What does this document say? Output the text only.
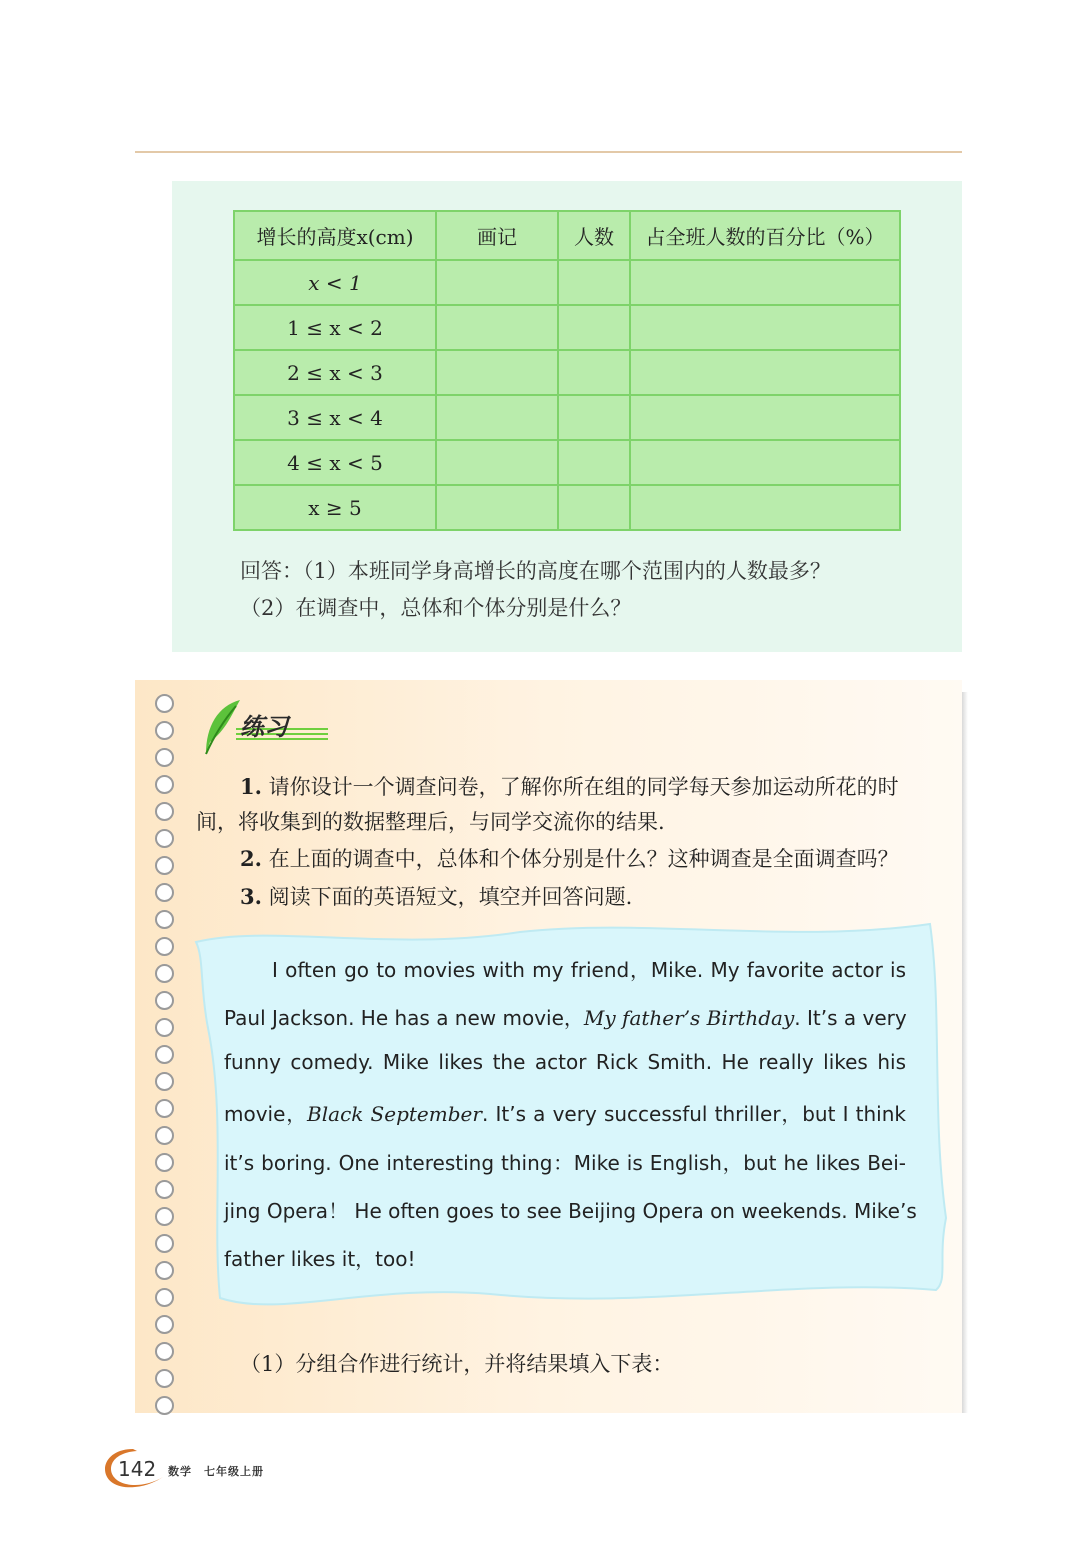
增长的高度x(cm)	画记	人数	占全班人数的百分比（%）
x < 1			
1 ≤ x < 2			
2 ≤ x < 3			
3 ≤ x < 4			
4 ≤ x < 5			
x ≥ 5			
回答：（1）本班同学身高增长的高度在哪个范围内的人数最多？
（2）在调查中，总体和个体分别是什么？
练习
1. 请你设计一个调查问卷，了解你所在组的同学每天参加运动所花的时
间，将收集到的数据整理后，与同学交流你的结果.
2. 在上面的调查中，总体和个体分别是什么？这种调查是全面调查吗？
3. 阅读下面的英语短文，填空并回答问题.
I often go to movies with my friend，Mike. My favorite actor is
Paul Jackson. He has a new movie，My father’s Birthday. It’s a very
funny comedy. Mike likes the actor Rick Smith. He really likes his
movie，Black September. It’s a very successful thriller，but I think
it’s boring. One interesting thing：Mike is English，but he likes Bei-
jing Opera！ He often goes to see Beijing Opera on weekends. Mike’s
father likes it，too!
（1）分组合作进行统计，并将结果填入下表：
142 数学　七年级上册
